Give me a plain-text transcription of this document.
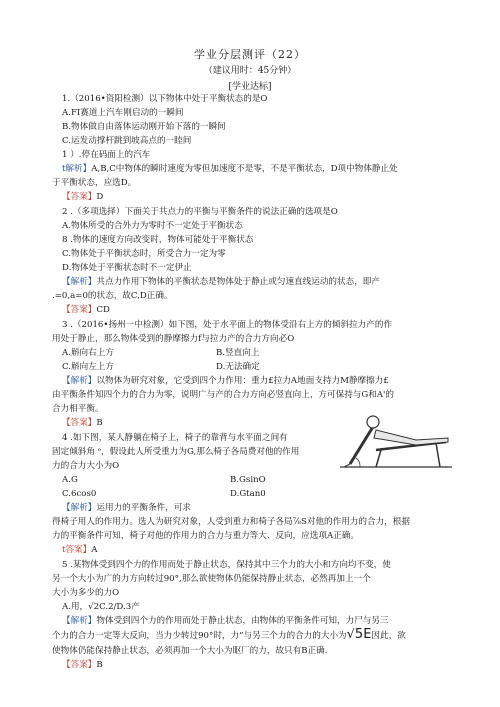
学业分层测评（22）
（建议用时：45分钟）
[学业达标]
1.（2016•资阳检测）以下物体中处于平衡状态的是O
A.FI赛道上汽车刚启动的一瞬间
B.物体做自由落体运动刚开始下落的一瞬间
C.运发动撑杆跳到坡高点的一睦间
1 ）.停在码面上的汽车
t解析】A,B,C中物体的瞬时速度为零但加速度不是零，不是平衡状态，D项中物体静止处
于平衡状态，应选D。
【答案】D
2 .（多项选择）下面关于共点力的平衡与平衡条件的说法正确的选项是O
A.物体所受的合外力为零时不一定处于平衡状态
8 .物体的速度方向改变时，物体可能处于平衡状态
C.物体处于平衡状态时，所受合力一定为零
D.物体处于平衡状态时不一定伊止
【解析】共点力作用下物体的平衡状态是物体处于静止或匀速直线运动的状态，即产
.=0,a=0的状态，故C,D正确。
【答案】CD
3 .（2016•扬州一中检测）如下图，处于水平面上的物体受沿右上方的倾斜拉力产的作
用处于静止，那么物体受到的静摩擦力f与拉力产的合力方向必O
A.斛向右上方	B.竖直向上
C.斛向左上方	D.无法确定
【解析】以物体为研究对象，它受到四个力作用：重力£拉力A地面支持力M静摩擦力£
由平衡条件知四个力的合力为零，说明广与产的合力方向必竖直向上，方可保持与G和A'的
合力相平衡。
【答案】B
4 .如下图，某人静躺在椅子上，椅子的靠背与水平面之间有
固定倾斜角 ᵒ，假设此人所受重力为G,那么椅子各局费对他的作用
力的合力大小为O
A.G	B.GsinO
C.6cos0	D.Gtan0
【解析】运用力的平衡条件，可求
得椅子用人的作用力。选人为研究对象，人受到重力和椅子各局⅞S对他的作用力的合力，根据
力的平衡条件可知，椅子对他的作用力的合力与重力等大、反向，应选项A正确。
t答案】A
5 .某物体受到四个力的作用而处于静止状态，保持其中三个力的大小和方向均不变，使
另一个大小为广的力方向转过90°,那么欲使物体仍能保持静止状态，必然再加上一个
大小为多少的力O
A.用，√2C.2/D.3产
【解析】物体受到四个力的作用而处于静止状态，由物体的平衡条件可知，力尸与另三
个力的合力一定等大反向，当力少转过90°时，力”与另三个力的合力的大小为√5E因此，欲
使物体仍能保持静止状态，必须再加一个大小为眍厂的力，故只有B正确.
【答案】B
